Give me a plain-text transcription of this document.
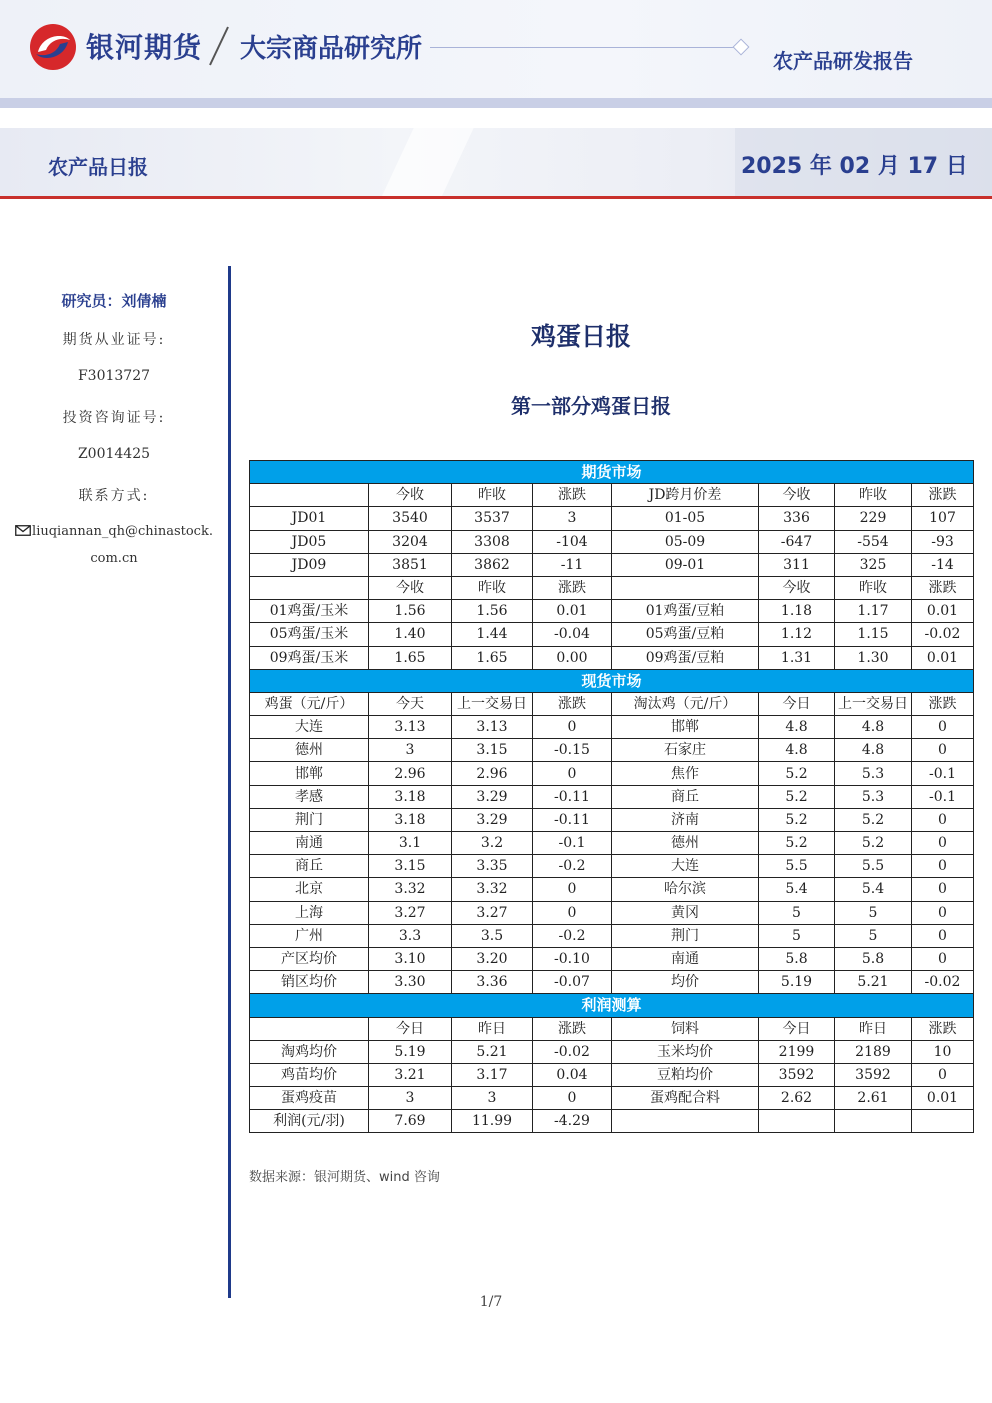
银河期货 大宗商品研究所	农产品研发报告
农产品日报	2025 年 02 月 17 日
研究员：刘倩楠
期货从业证号:
F3013727
投资咨询证号:
Z0014425
联系方式:
liuqiannan_qh@chinastock.
com.cn
鸡蛋日报
第一部分鸡蛋日报
期货市场							
	今收	昨收	涨跌	JD跨月价差	今收	昨收	涨跌
JD01	3540	3537	3	01-05	336	229	107
JD05	3204	3308	-104	05-09	-647	-554	-93
JD09	3851	3862	-11	09-01	311	325	-14
	今收	昨收	涨跌		今收	昨收	涨跌
01鸡蛋/玉米	1.56	1.56	0.01	01鸡蛋/豆粕	1.18	1.17	0.01
05鸡蛋/玉米	1.40	1.44	-0.04	05鸡蛋/豆粕	1.12	1.15	-0.02
09鸡蛋/玉米	1.65	1.65	0.00	09鸡蛋/豆粕	1.31	1.30	0.01
现货市场							
鸡蛋（元/斤）	今天	上一交易日	涨跌	淘汰鸡（元/斤）	今日	上一交易日	涨跌
大连	3.13	3.13	0	邯郸	4.8	4.8	0
德州	3	3.15	-0.15	石家庄	4.8	4.8	0
邯郸	2.96	2.96	0	焦作	5.2	5.3	-0.1
孝感	3.18	3.29	-0.11	商丘	5.2	5.3	-0.1
荆门	3.18	3.29	-0.11	济南	5.2	5.2	0
南通	3.1	3.2	-0.1	德州	5.2	5.2	0
商丘	3.15	3.35	-0.2	大连	5.5	5.5	0
北京	3.32	3.32	0	哈尔滨	5.4	5.4	0
上海	3.27	3.27	0	黄冈	5	5	0
广州	3.3	3.5	-0.2	荆门	5	5	0
产区均价	3.10	3.20	-0.10	南通	5.8	5.8	0
销区均价	3.30	3.36	-0.07	均价	5.19	5.21	-0.02
利润测算							
	今日	昨日	涨跌	饲料	今日	昨日	涨跌
淘鸡均价	5.19	5.21	-0.02	玉米均价	2199	2189	10
鸡苗均价	3.21	3.17	0.04	豆粕均价	3592	3592	0
蛋鸡疫苗	3	3	0	蛋鸡配合料	2.62	2.61	0.01
利润(元/羽)	7.69	11.99	-4.29				
数据来源：银河期货、wind 咨询
1/7
